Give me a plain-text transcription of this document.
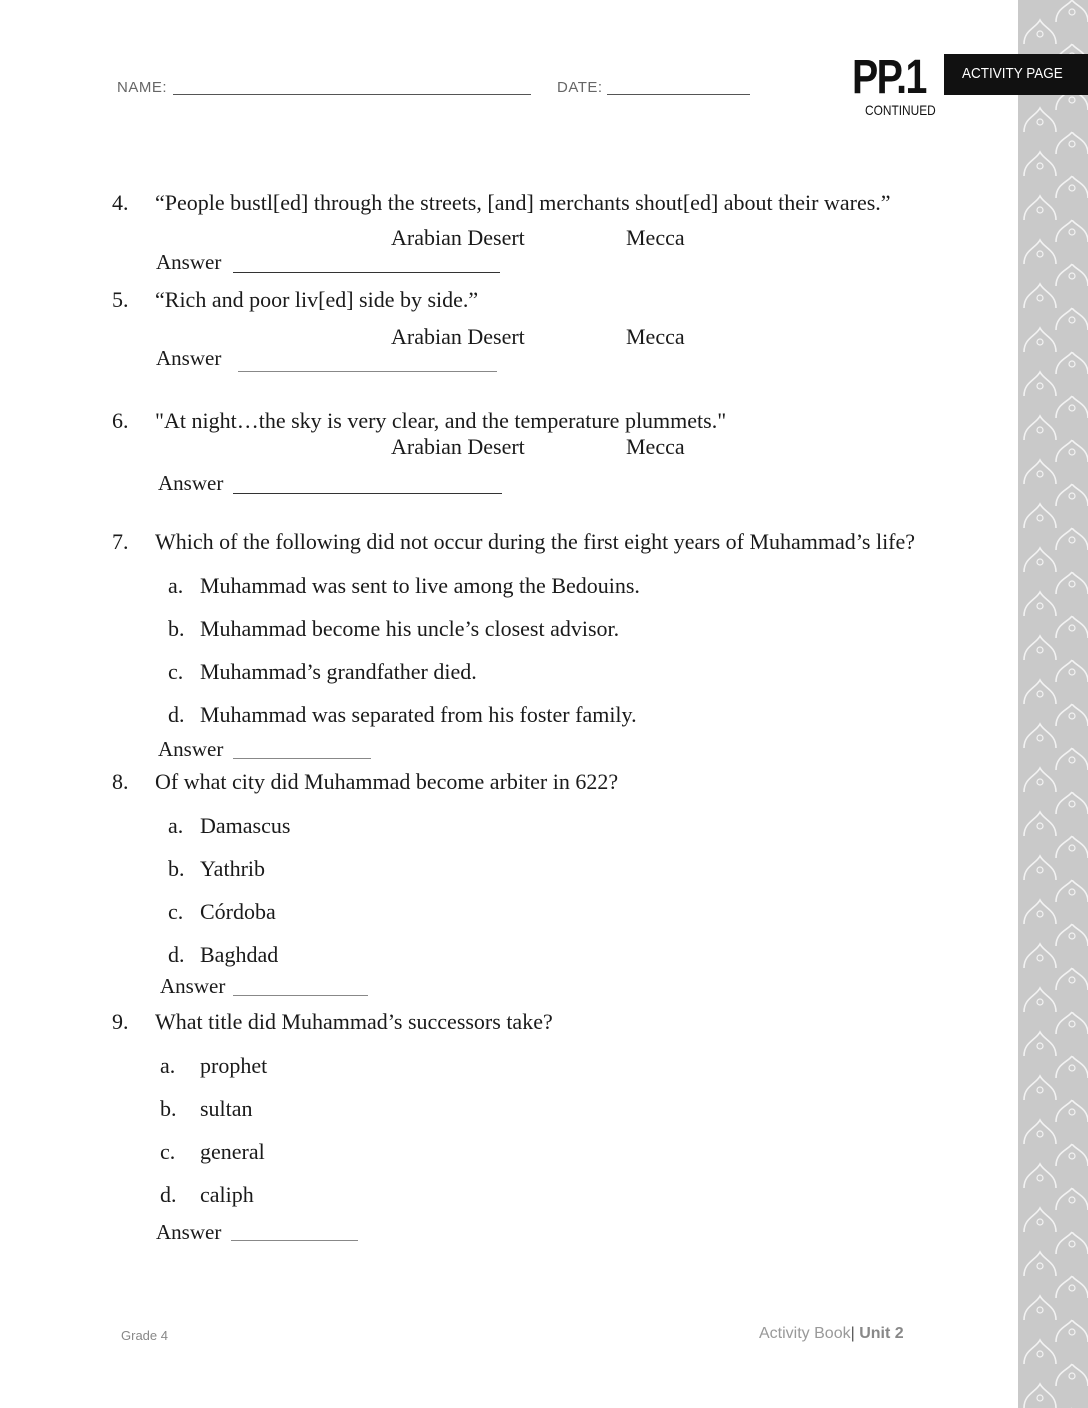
NAME:	DATE:	PP.1
CONTINUED
ACTIVITY PAGE
4. “People bustl[ed] through the streets, [and] merchants shout[ed] about their wares.”
Arabian Desert	Mecca
Answer
5. “Rich and poor liv[ed] side by side.”
Arabian Desert	Mecca
Answer
6. "At night…the sky is very clear, and the temperature plummets."
Arabian Desert	Mecca
Answer
7. Which of the following did not occur during the first eight years of Muhammad’s life?
a. Muhammad was sent to live among the Bedouins.
b. Muhammad become his uncle’s closest advisor.
c. Muhammad’s grandfather died.
d. Muhammad was separated from his foster family.
Answer
8. Of what city did Muhammad become arbiter in 622?
a. Damascus
b. Yathrib
c. Córdoba
d. Baghdad
Answer
9. What title did Muhammad’s successors take?
a. prophet
b. sultan
c. general
d. caliph
Answer
Grade 4	Activity Book| Unit 2
